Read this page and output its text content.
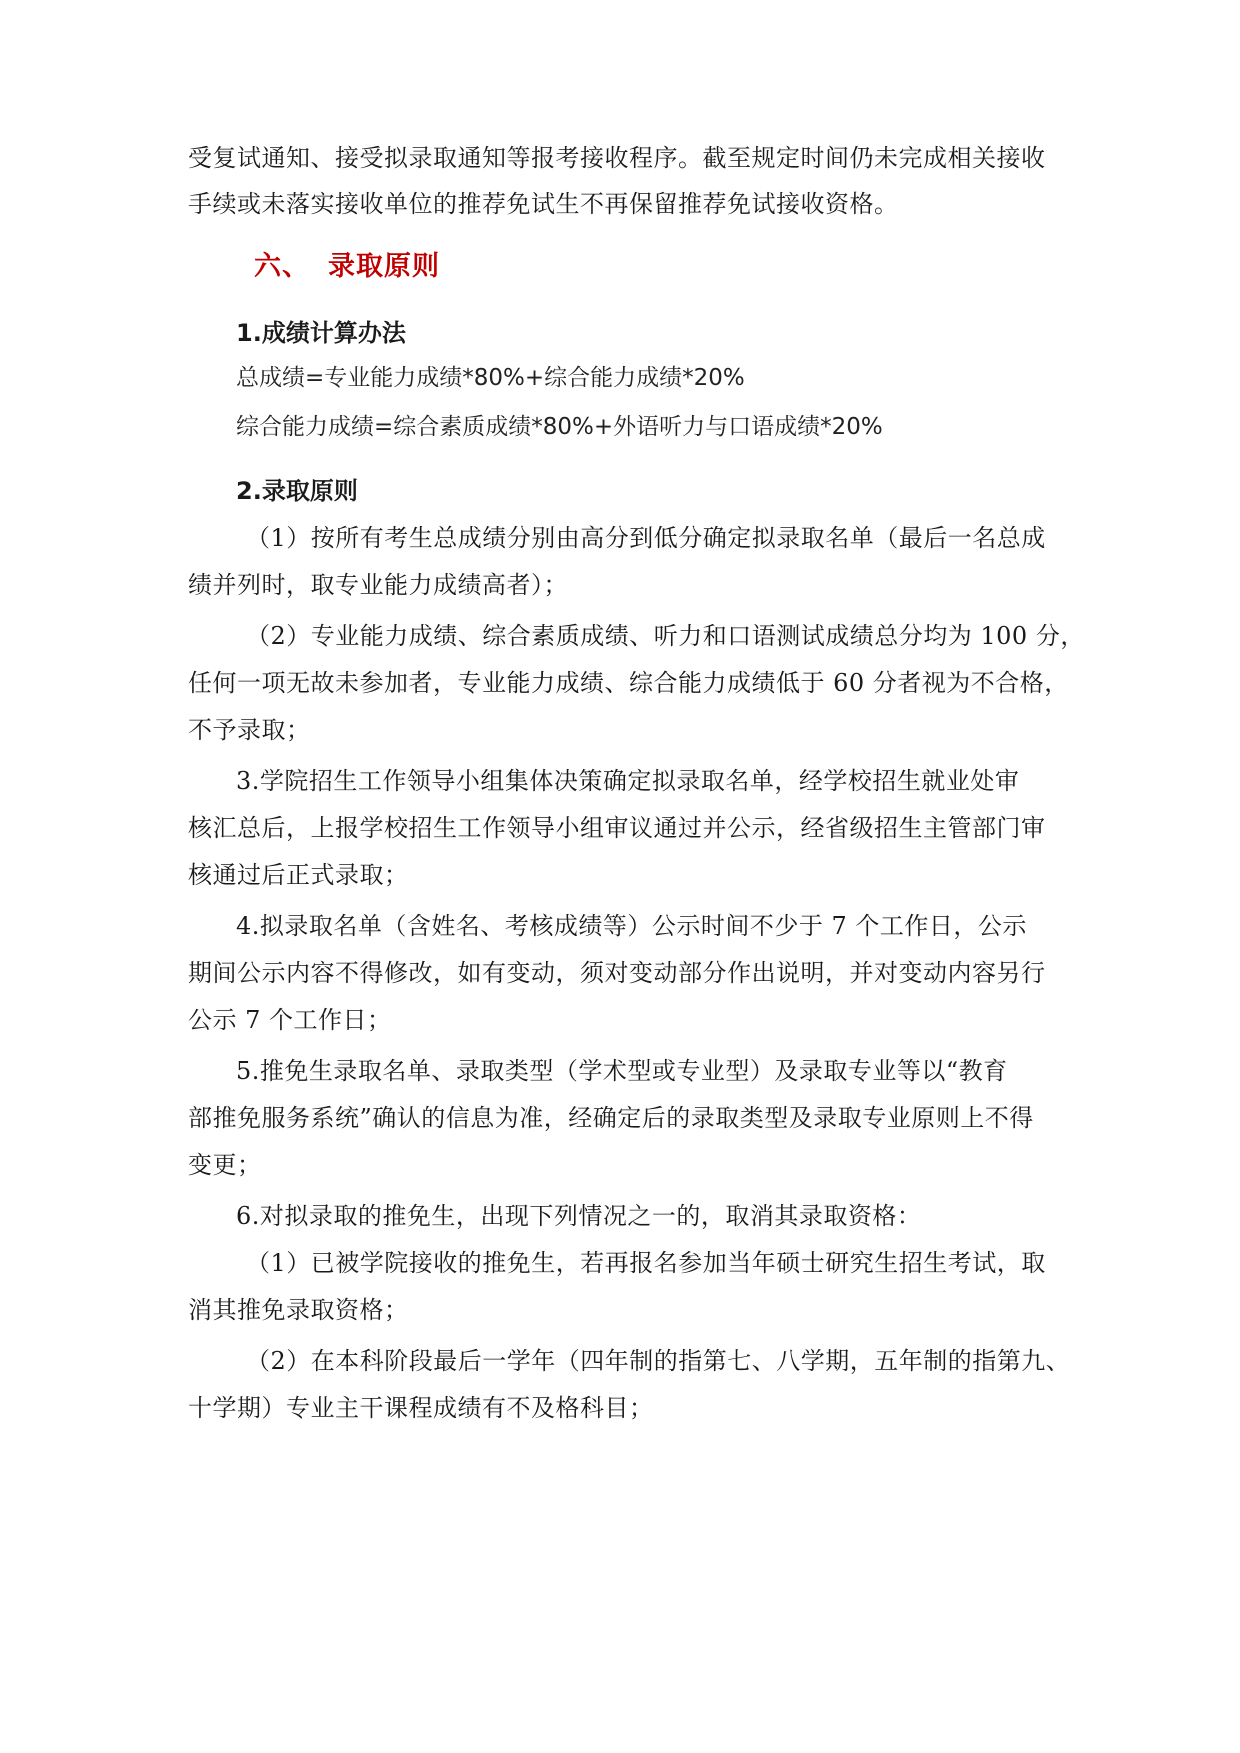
受复试通知、接受拟录取通知等报考接收程序。截至规定时间仍未完成相关接收
手续或未落实接收单位的推荐免试生不再保留推荐免试接收资格。
六、 录取原则
1.成绩计算办法
总成绩=专业能力成绩*80%+综合能力成绩*20%
综合能力成绩=综合素质成绩*80%+外语听力与口语成绩*20%
2.录取原则
（1）按所有考生总成绩分别由高分到低分确定拟录取名单（最后一名总成
绩并列时，取专业能力成绩高者）；
（2）专业能力成绩、综合素质成绩、听力和口语测试成绩总分均为 100 分，
任何一项无故未参加者，专业能力成绩、综合能力成绩低于 60 分者视为不合格，
不予录取；
3.学院招生工作领导小组集体决策确定拟录取名单，经学校招生就业处审
核汇总后，上报学校招生工作领导小组审议通过并公示，经省级招生主管部门审
核通过后正式录取；
4.拟录取名单（含姓名、考核成绩等）公示时间不少于 7 个工作日，公示
期间公示内容不得修改，如有变动，须对变动部分作出说明，并对变动内容另行
公示 7 个工作日；
5.推免生录取名单、录取类型（学术型或专业型）及录取专业等以“教育
部推免服务系统”确认的信息为准，经确定后的录取类型及录取专业原则上不得
变更；
6.对拟录取的推免生，出现下列情况之一的，取消其录取资格：
（1）已被学院接收的推免生，若再报名参加当年硕士研究生招生考试，取
消其推免录取资格；
（2）在本科阶段最后一学年（四年制的指第七、八学期，五年制的指第九、
十学期）专业主干课程成绩有不及格科目；
